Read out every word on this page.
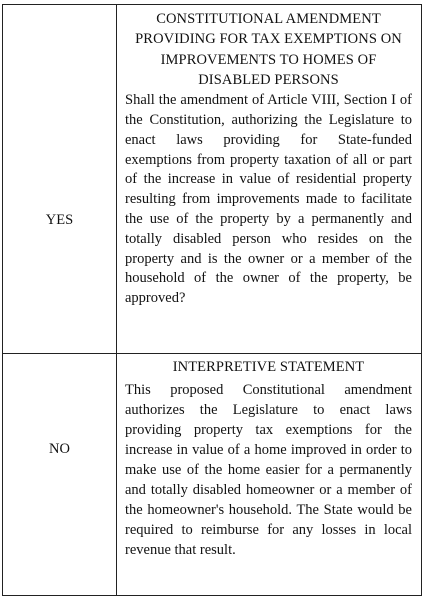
YES

CONSTITUTIONAL AMENDMENT PROVIDING FOR TAX EXEMPTIONS ON IMPROVEMENTS TO HOMES OF DISABLED PERSONS

Shall the amendment of Article VIII, Section I of the Constitution, authorizing the Legislature to enact laws providing for State-funded exemptions from property taxation of all or part of the increase in value of residential property resulting from improvements made to facilitate the use of the property by a permanently and totally disabled person who resides on the property and is the owner or a member of the household of the owner of the property, be approved?

NO

INTERPRETIVE STATEMENT

This proposed Constitutional amendment authorizes the Legislature to enact laws providing property tax exemptions for the increase in value of a home improved in order to make use of the home easier for a permanently and totally disabled homeowner or a member of the homeowner's household. The State would be required to reimburse for any losses in local revenue that result.
